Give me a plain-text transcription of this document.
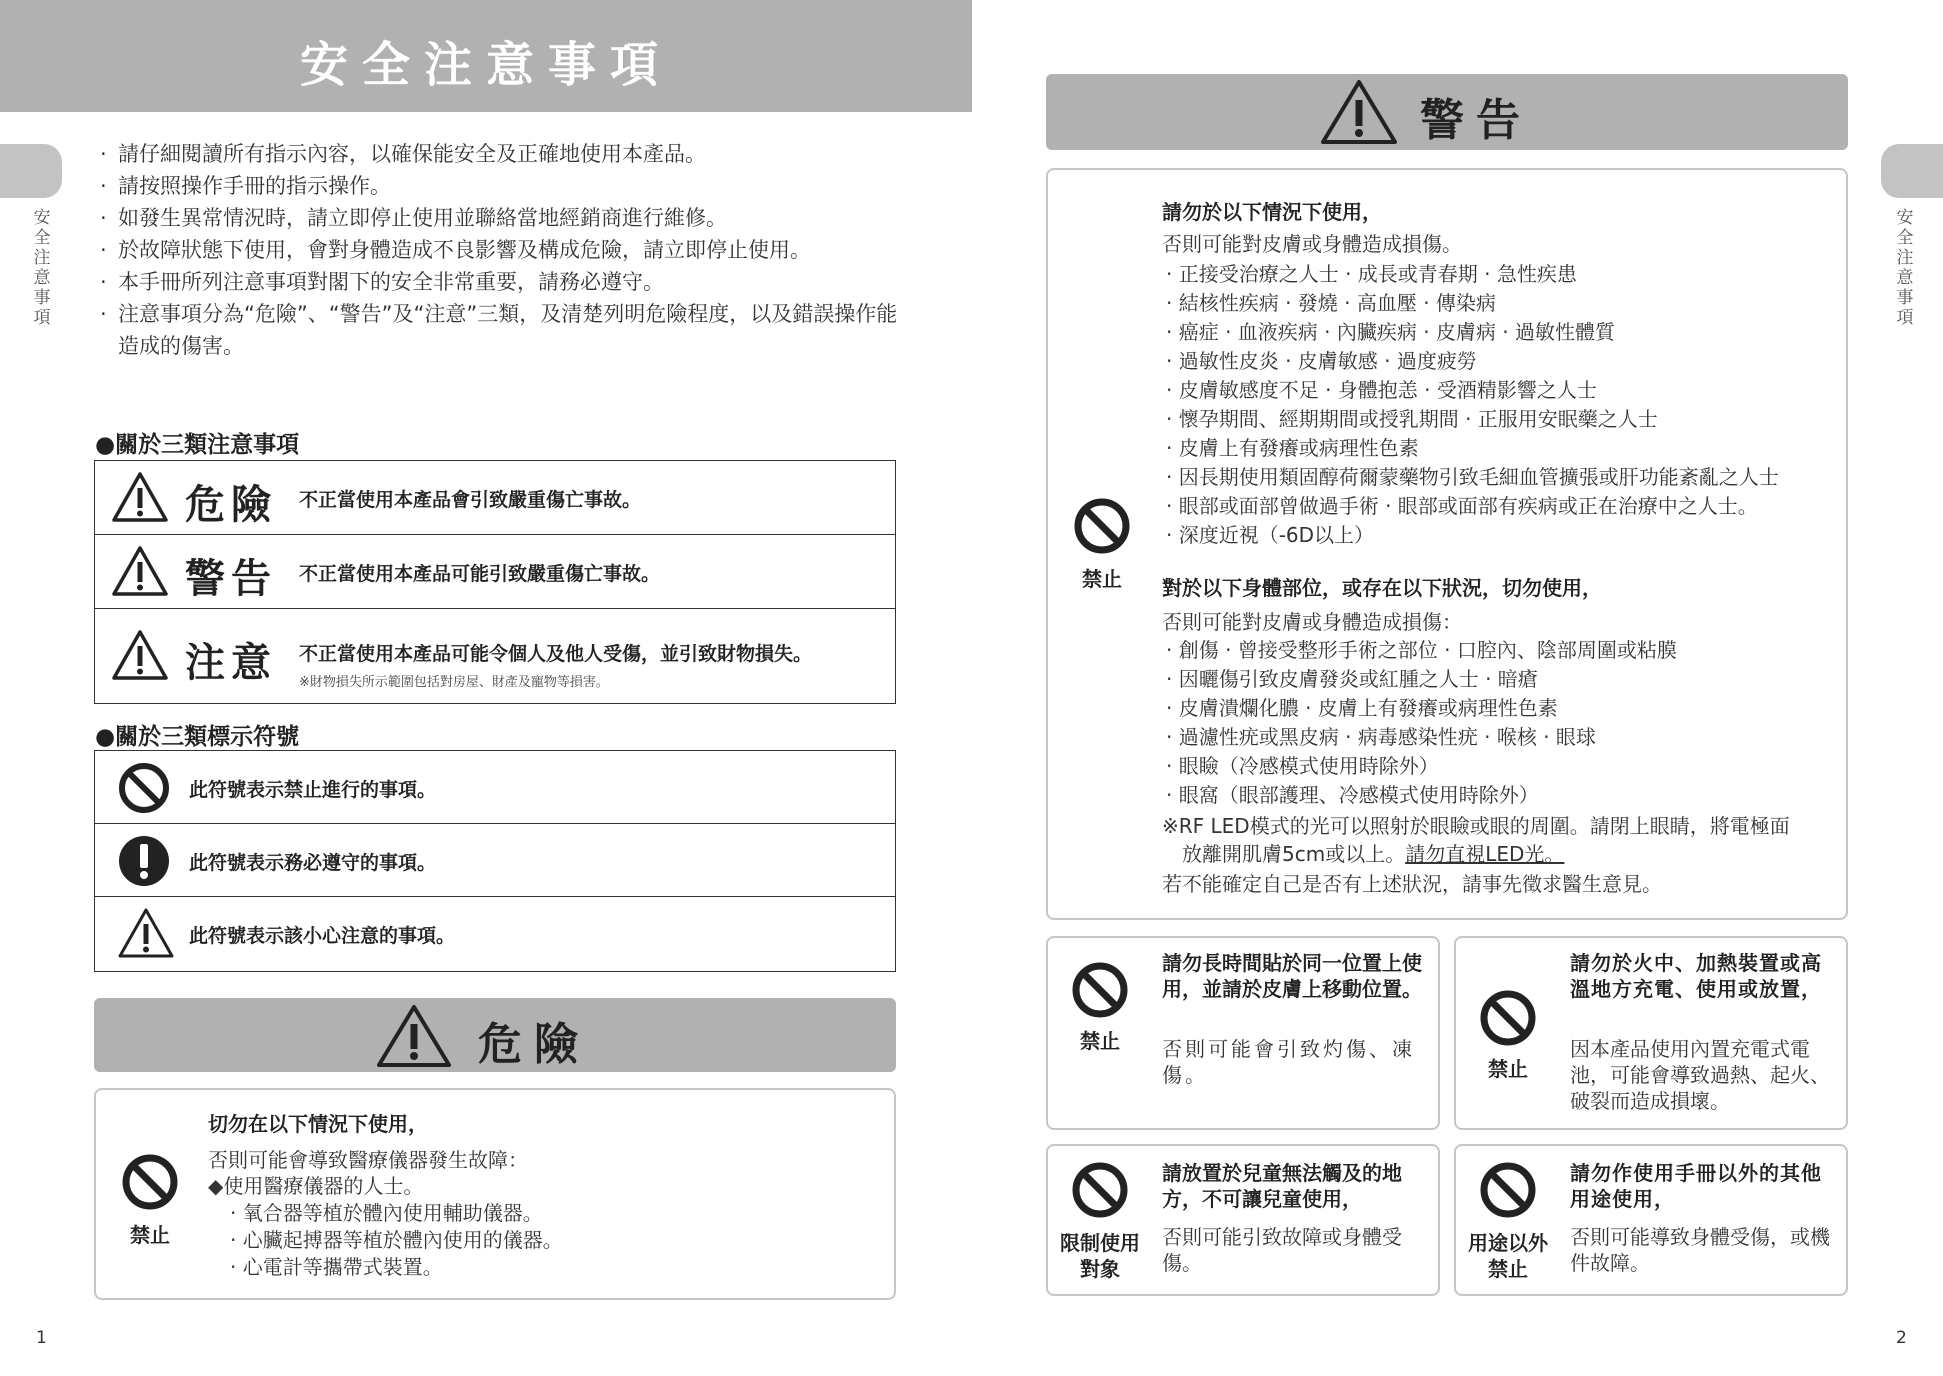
安全注意事項
安全注意事項
· 請仔細閱讀所有指示內容，以確保能安全及正確地使用本產品。
· 請按照操作手冊的指示操作。
· 如發生異常情況時，請立即停止使用並聯絡當地經銷商進行維修。
· 於故障狀態下使用，會對身體造成不良影響及構成危險，請立即停止使用。
· 本手冊所列注意事項對閣下的安全非常重要，請務必遵守。
· 注意事項分為“危險”、“警告”及“注意”三類，及清楚列明危險程度，以及錯誤操作能造成的傷害。
●關於三類注意事項
危險 不正當使用本產品會引致嚴重傷亡事故。
警告 不正當使用本產品可能引致嚴重傷亡事故。
注意 不正當使用本產品可能令個人及他人受傷，並引致財物損失。
※財物損失所示範圍包括對房屋、財產及寵物等損害。
●關於三類標示符號
此符號表示禁止進行的事項。
此符號表示務必遵守的事項。
此符號表示該小心注意的事項。
危險
禁止
切勿在以下情況下使用，
否則可能會導致醫療儀器發生故障：
◆使用醫療儀器的人士。
· 氧合器等植於體內使用輔助儀器。
· 心臟起搏器等植於體內使用的儀器。
· 心電計等攜帶式裝置。
1
安全注意事項
警告
禁止
請勿於以下情況下使用，
否則可能對皮膚或身體造成損傷。
· 正接受治療之人士 · 成長或青春期 · 急性疾患
· 結核性疾病 · 發燒 · 高血壓 · 傳染病
· 癌症 · 血液疾病 · 內臟疾病 · 皮膚病 · 過敏性體質
· 過敏性皮炎 · 皮膚敏感 · 過度疲勞
· 皮膚敏感度不足 · 身體抱恙 · 受酒精影響之人士
· 懷孕期間、經期期間或授乳期間 · 正服用安眠藥之人士
· 皮膚上有發癢或病理性色素
· 因長期使用類固醇荷爾蒙藥物引致毛細血管擴張或肝功能紊亂之人士
· 眼部或面部曾做過手術 · 眼部或面部有疾病或正在治療中之人士。
· 深度近視（-6D以上）
對於以下身體部位，或存在以下狀況，切勿使用，
否則可能對皮膚或身體造成損傷：
· 創傷 · 曾接受整形手術之部位 · 口腔內、陰部周圍或粘膜
· 因曬傷引致皮膚發炎或紅腫之人士 · 暗瘡
· 皮膚潰爛化膿 · 皮膚上有發癢或病理性色素
· 過濾性疣或黑皮病 · 病毒感染性疣 · 喉核 · 眼球
· 眼瞼（冷感模式使用時除外）
· 眼窩（眼部護理、冷感模式使用時除外）
※RF LED模式的光可以照射於眼瞼或眼的周圍。請閉上眼睛，將電極面
放離開肌膚5cm或以上。請勿直視LED光。
若不能確定自己是否有上述狀況，請事先徵求醫生意見。
禁止
請勿長時間貼於同一位置上使用，並請於皮膚上移動位置。
否則可能會引致灼傷、凍傷。	禁止
請勿於火中、加熱裝置或高溫地方充電、使用或放置，
因本產品使用內置充電式電池，可能會導致過熱、起火、破裂而造成損壞。
限制使用對象
請放置於兒童無法觸及的地方，不可讓兒童使用，
否則可能引致故障或身體受傷。
用途以外禁止
請勿作使用手冊以外的其他用途使用，
否則可能導致身體受傷，或機件故障。
2
